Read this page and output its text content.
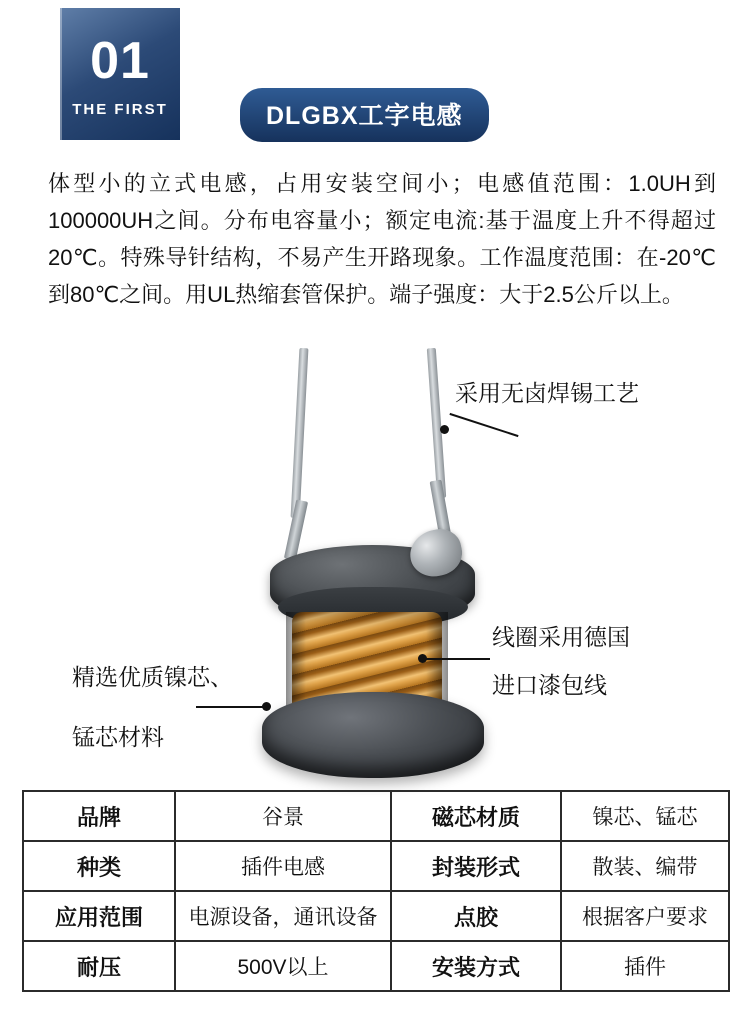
01
THE FIRST	DLGBX工字电感
体型小的立式电感，占用安装空间小；电感值范围：1.0UH到100000UH之间。分布电容量小；额定电流:基于温度上升不得超过20℃。特殊导针结构，不易产生开路现象。工作温度范围：在-20℃到80℃之间。用UL热缩套管保护。端子强度：大于2.5公斤以上。
采用无卤焊锡工艺
线圈采用德国
进口漆包线
精选优质镍芯、
锰芯材料
品牌	谷景	磁芯材质	镍芯、锰芯
种类	插件电感	封装形式	散装、编带
应用范围	电源设备，通讯设备	点胶	根据客户要求
耐压	500V以上	安装方式	插件
